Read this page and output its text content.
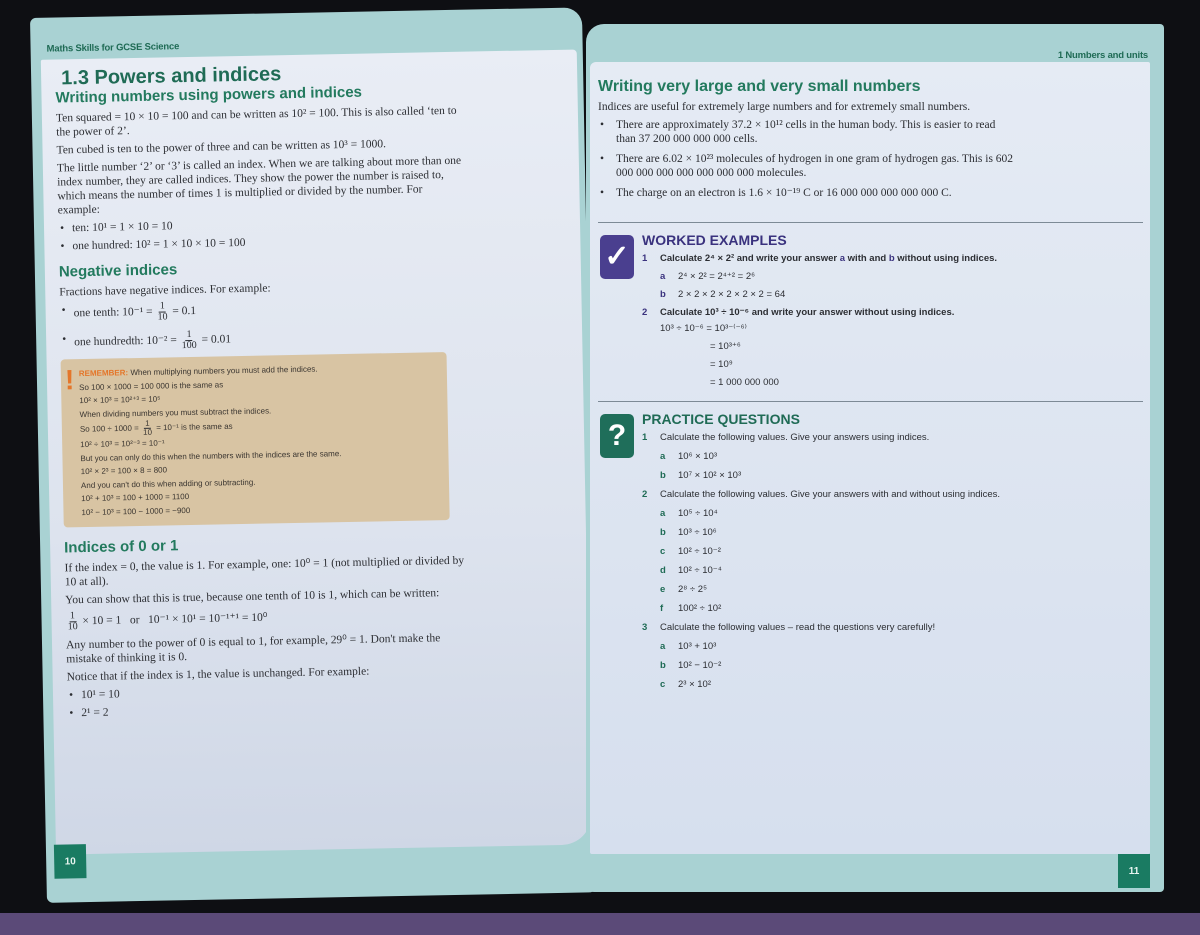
Maths Skills for GCSE Science
1.3 Powers and indices
Writing numbers using powers and indices

Ten squared = 10 × 10 = 100 and can be written as 10² = 100. This is also called ‘ten to the power of 2’.

Ten cubed is ten to the power of three and can be written as 10³ = 1000.

The little number ‘2’ or ‘3’ is called an index. When we are talking about more than one index number, they are called indices. They show the power the number is raised to, which means the number of times 1 is multiplied or divided by the number. For example:

• ten: 10¹ = 1 × 10 = 10
• one hundred: 10² = 1 × 10 × 10 = 100
Negative indices

Fractions have negative indices. For example:

• one tenth: $10^{-1} = \frac{1}{10} = 0.1$
• one hundredth: $10^{-2} = \frac{1}{100} = 0.01$
! REMEMBER: When multiplying numbers you must add the indices.
So 100 × 1000 = 100 000 is the same as
10² × 10³ = 10²⁺³ = 10⁵
When dividing numbers you must subtract the indices.
So $100 \div 1000 = \frac{1}{10} = 10^{-1}$ is the same as
10² ÷ 10³ = 10²⁻³ = 10⁻¹
But you can only do this when the numbers with the indices are the same.
10² × 2³ = 100 × 8 = 800
And you can't do this when adding or subtracting.
10² + 10³ = 100 + 1000 = 1100
10² − 10³ = 100 − 1000 = −900
Indices of 0 or 1

If the index = 0, the value is 1. For example, one: 10⁰ = 1 (not multiplied or divided by 10 at all).

You can show that this is true, because one tenth of 10 is 1, which can be written:

$\frac{1}{10} \times 10 = 1$   or   10⁻¹ × 10¹ = 10⁻¹⁺¹ = 10⁰

Any number to the power of 0 is equal to 1, for example, 29⁰ = 1. Don't make the mistake of thinking it is 0.

Notice that if the index is 1, the value is unchanged. For example:

• 10¹ = 10
• 2¹ = 2
10
1 Numbers and units
Writing very large and very small numbers

Indices are useful for extremely large numbers and for extremely small numbers.

• There are approximately 37.2 × 10¹² cells in the human body. This is easier to read than 37 200 000 000 000 cells.
• There are 6.02 × 10²³ molecules of hydrogen in one gram of hydrogen gas. This is 602 000 000 000 000 000 000 000 molecules.
• The charge on an electron is 1.6 × 10⁻¹⁹ C or 16 000 000 000 000 000 C.
✓ WORKED EXAMPLES
1 Calculate 2⁴ × 2² and write your answer a with and b without using indices.
a 2⁴ × 2² = 2⁴⁺² = 2⁶
b 2 × 2 × 2 × 2 × 2 × 2 = 64
2 Calculate 10³ ÷ 10⁻⁶ and write your answer without using indices.
10³ ÷ 10⁻⁶ = 10³⁻⁽⁻⁶⁾
= 10³⁺⁶
= 10⁹
= 1 000 000 000
?	PRACTICE QUESTIONS
1 Calculate the following values. Give your answers using indices.
a 10⁶ × 10³
b 10⁷ × 10² × 10³
2 Calculate the following values. Give your answers with and without using indices.
a 10⁵ ÷ 10⁴
b 10³ ÷ 10⁶
c 10² ÷ 10⁻²
d 10² ÷ 10⁻⁴
e 2⁸ ÷ 2⁵
f 100² ÷ 10²
3 Calculate the following values – read the questions very carefully!
a 10³ + 10³
b 10² − 10⁻²
c 2³ × 10²
11
